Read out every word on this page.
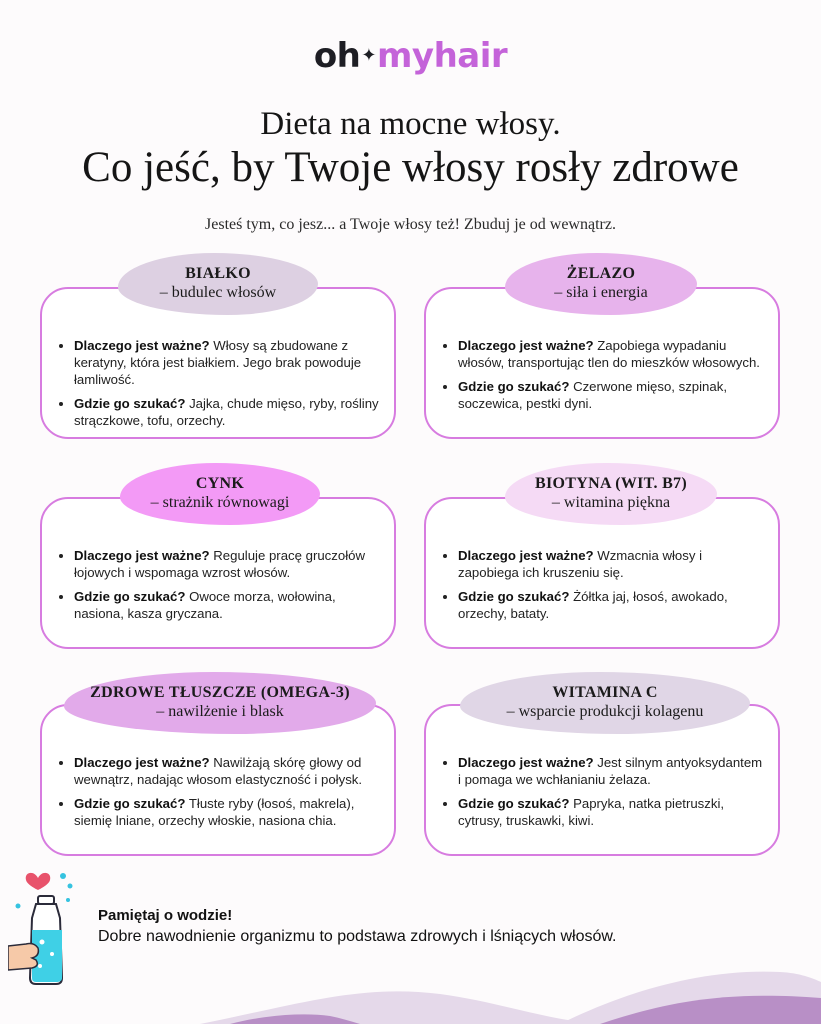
oh✦myhair
Dieta na mocne włosy.
Co jeść, by Twoje włosy rosły zdrowe
Jesteś tym, co jesz... a Twoje włosy też! Zbuduj je od wewnątrz.
• Dlaczego jest ważne? Włosy są zbudowane z keratyny, która jest białkiem. Jego brak powoduje łamliwość.
• Gdzie go szukać? Jajka, chude mięso, ryby, rośliny strączkowe, tofu, orzechy.
BIAŁKO
– budulec włosów
• Dlaczego jest ważne? Zapobiega wypadaniu włosów, transportując tlen do mieszków włosowych.
• Gdzie go szukać? Czerwone mięso, szpinak, soczewica, pestki dyni.
ŻELAZO
– siła i energia
• Dlaczego jest ważne? Reguluje pracę gruczołów łojowych i wspomaga wzrost włosów.
• Gdzie go szukać? Owoce morza, wołowina, nasiona, kasza gryczana.
CYNK
– strażnik równowagi
• Dlaczego jest ważne? Wzmacnia włosy i zapobiega ich kruszeniu się.
• Gdzie go szukać? Żółtka jaj, łosoś, awokado, orzechy, bataty.
BIOTYNA (WIT. B7)
– witamina piękna
• Dlaczego jest ważne? Nawilżają skórę głowy od wewnątrz, nadając włosom elastyczność i połysk.
• Gdzie go szukać? Tłuste ryby (łosoś, makrela), siemię lniane, orzechy włoskie, nasiona chia.
ZDROWE TŁUSZCZE (OMEGA-3)
– nawilżenie i blask
• Dlaczego jest ważne? Jest silnym antyoksydantem i pomaga we wchłanianiu żelaza.
• Gdzie go szukać? Papryka, natka pietruszki, cytrusy, truskawki, kiwi.
WITAMINA C
– wsparcie produkcji kolagenu
Pamiętaj o wodzie!
Dobre nawodnienie organizmu to podstawa zdrowych i lśniących włosów.
